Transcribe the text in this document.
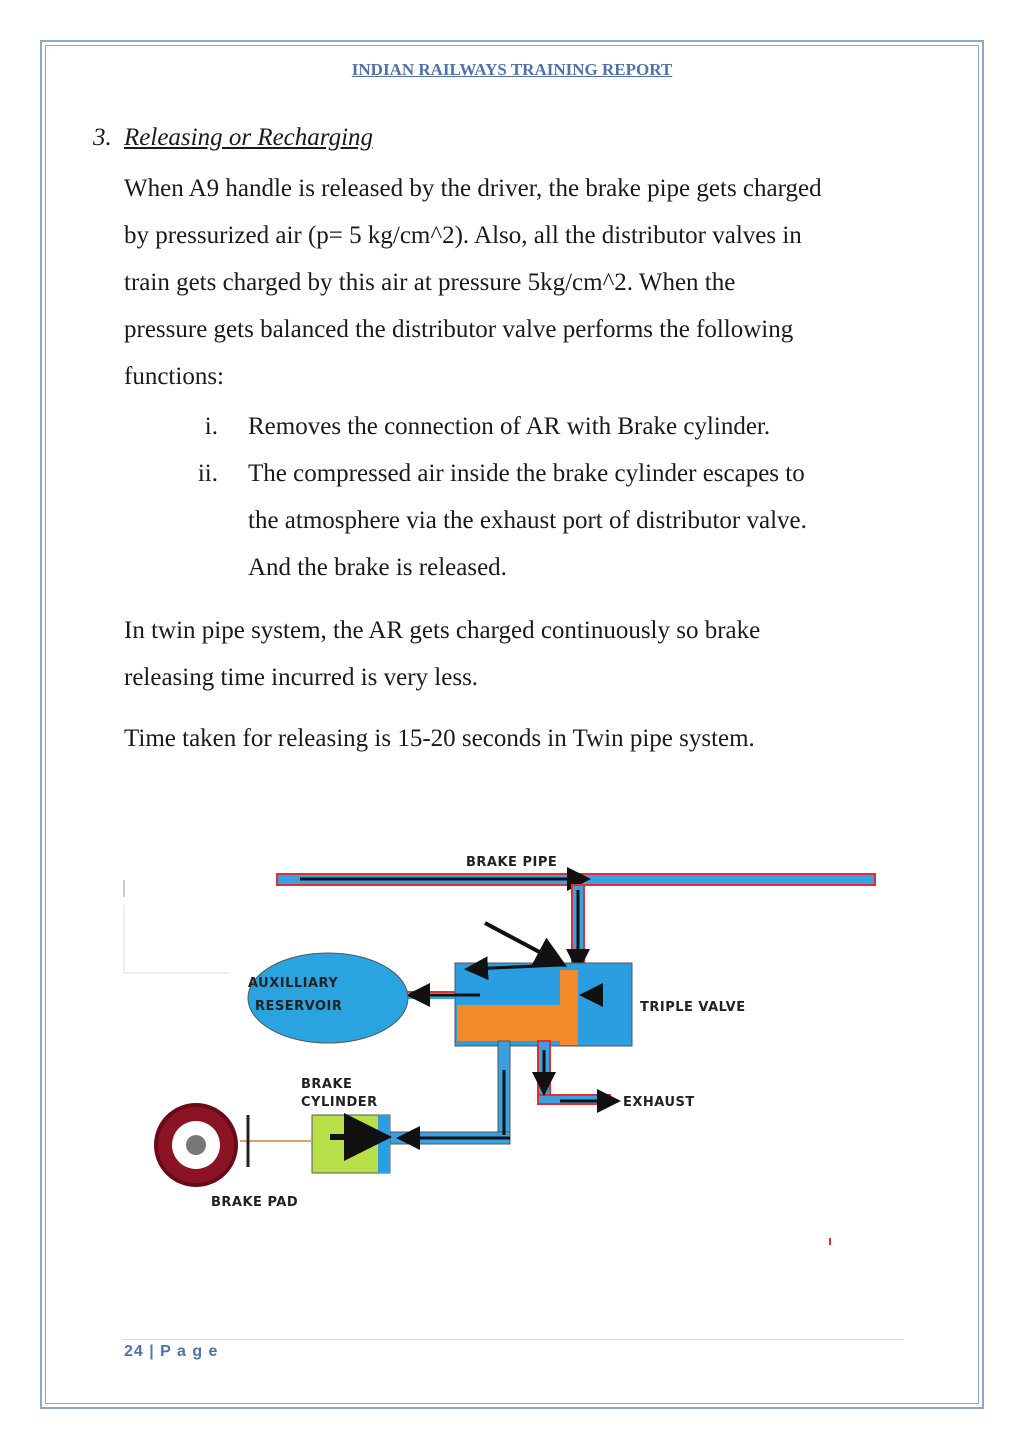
INDIAN RAILWAYS TRAINING REPORT
3. Releasing or Recharging
When A9 handle is released by the driver, the brake pipe gets charged
by pressurized air (p= 5 kg/cm^2). Also, all the distributor valves in
train gets charged by this air at pressure 5kg/cm^2. When the
pressure gets balanced the distributor valve performs the following
functions:
i. Removes the connection of AR with Brake cylinder.
ii. The compressed air inside the brake cylinder escapes to
the atmosphere via the exhaust port of distributor valve.
And the brake is released.
In twin pipe system, the AR gets charged continuously so brake
releasing time incurred is very less.
Time taken for releasing is 15-20 seconds in Twin pipe system.
BRAKE PIPE
AUXILLIARY
RESERVOIR	TRIPLE VALVE
BRAKE
CYLINDER	EXHAUST
BRAKE PAD
24 | P a g e
